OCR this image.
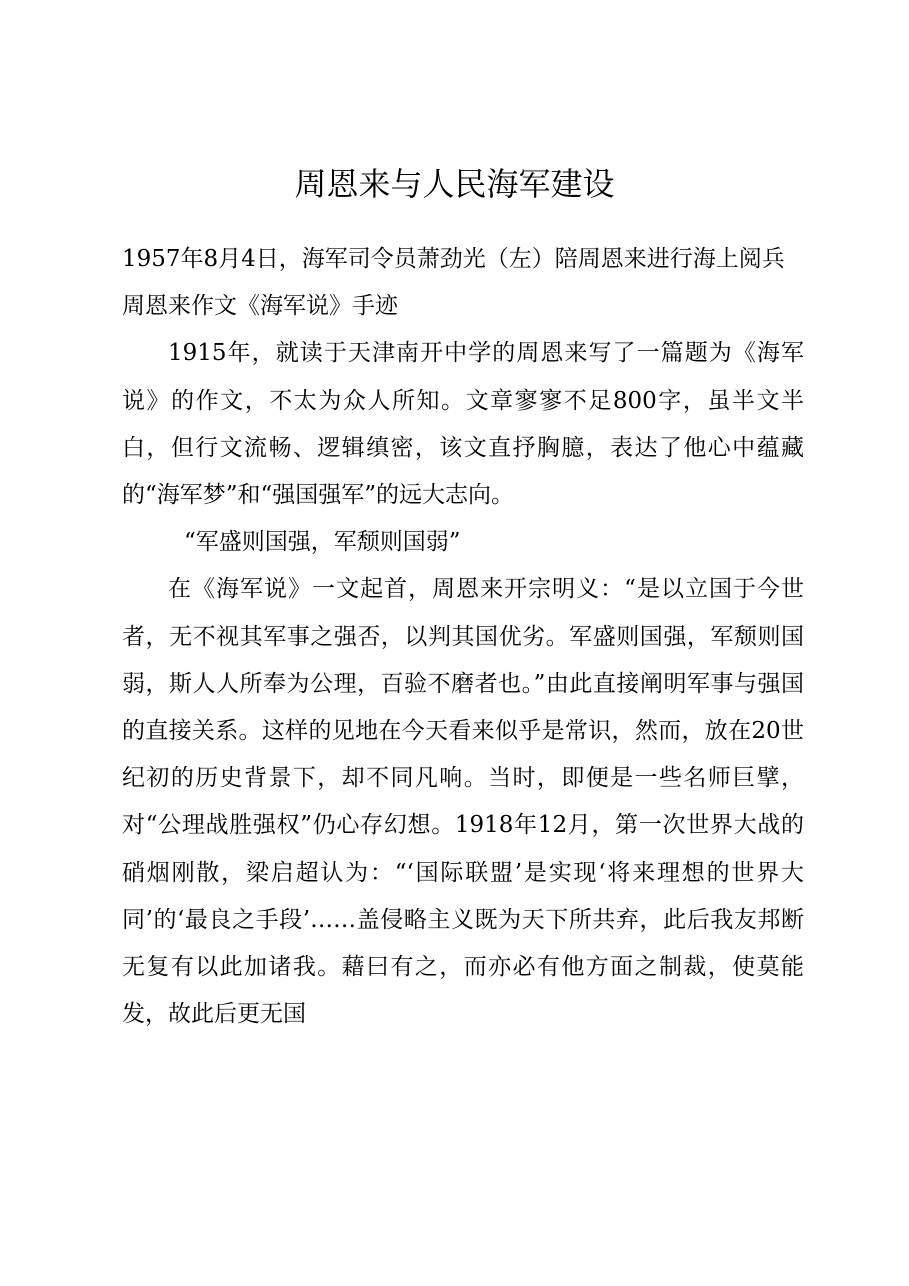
周恩来与人民海军建设

1957年8月4日，海军司令员萧劲光（左）陪周恩来进行海上阅兵

周恩来作文《海军说》手迹

1915年，就读于天津南开中学的周恩来写了一篇题为《海军说》的作文，不太为众人所知。文章寥寥不足800字，虽半文半白，但行文流畅、逻辑缜密，该文直抒胸臆，表达了他心中蕴藏的“海军梦”和“强国强军”的远大志向。

“军盛则国强，军颓则国弱”

在《海军说》一文起首，周恩来开宗明义：“是以立国于今世者，无不视其军事之强否，以判其国优劣。军盛则国强，军颓则国弱，斯人人所奉为公理，百验不磨者也。”由此直接阐明军事与强国的直接关系。这样的见地在今天看来似乎是常识，然而，放在20世纪初的历史背景下，却不同凡响。当时，即便是一些名师巨擘，对“公理战胜强权”仍心存幻想。1918年12月，第一次世界大战的硝烟刚散，梁启超认为：“‘国际联盟’是实现‘将来理想的世界大同’的‘最良之手段’……盖侵略主义既为天下所共弃，此后我友邦断无复有以此加诸我。藉曰有之，而亦必有他方面之制裁，使莫能发，故此后更无国
